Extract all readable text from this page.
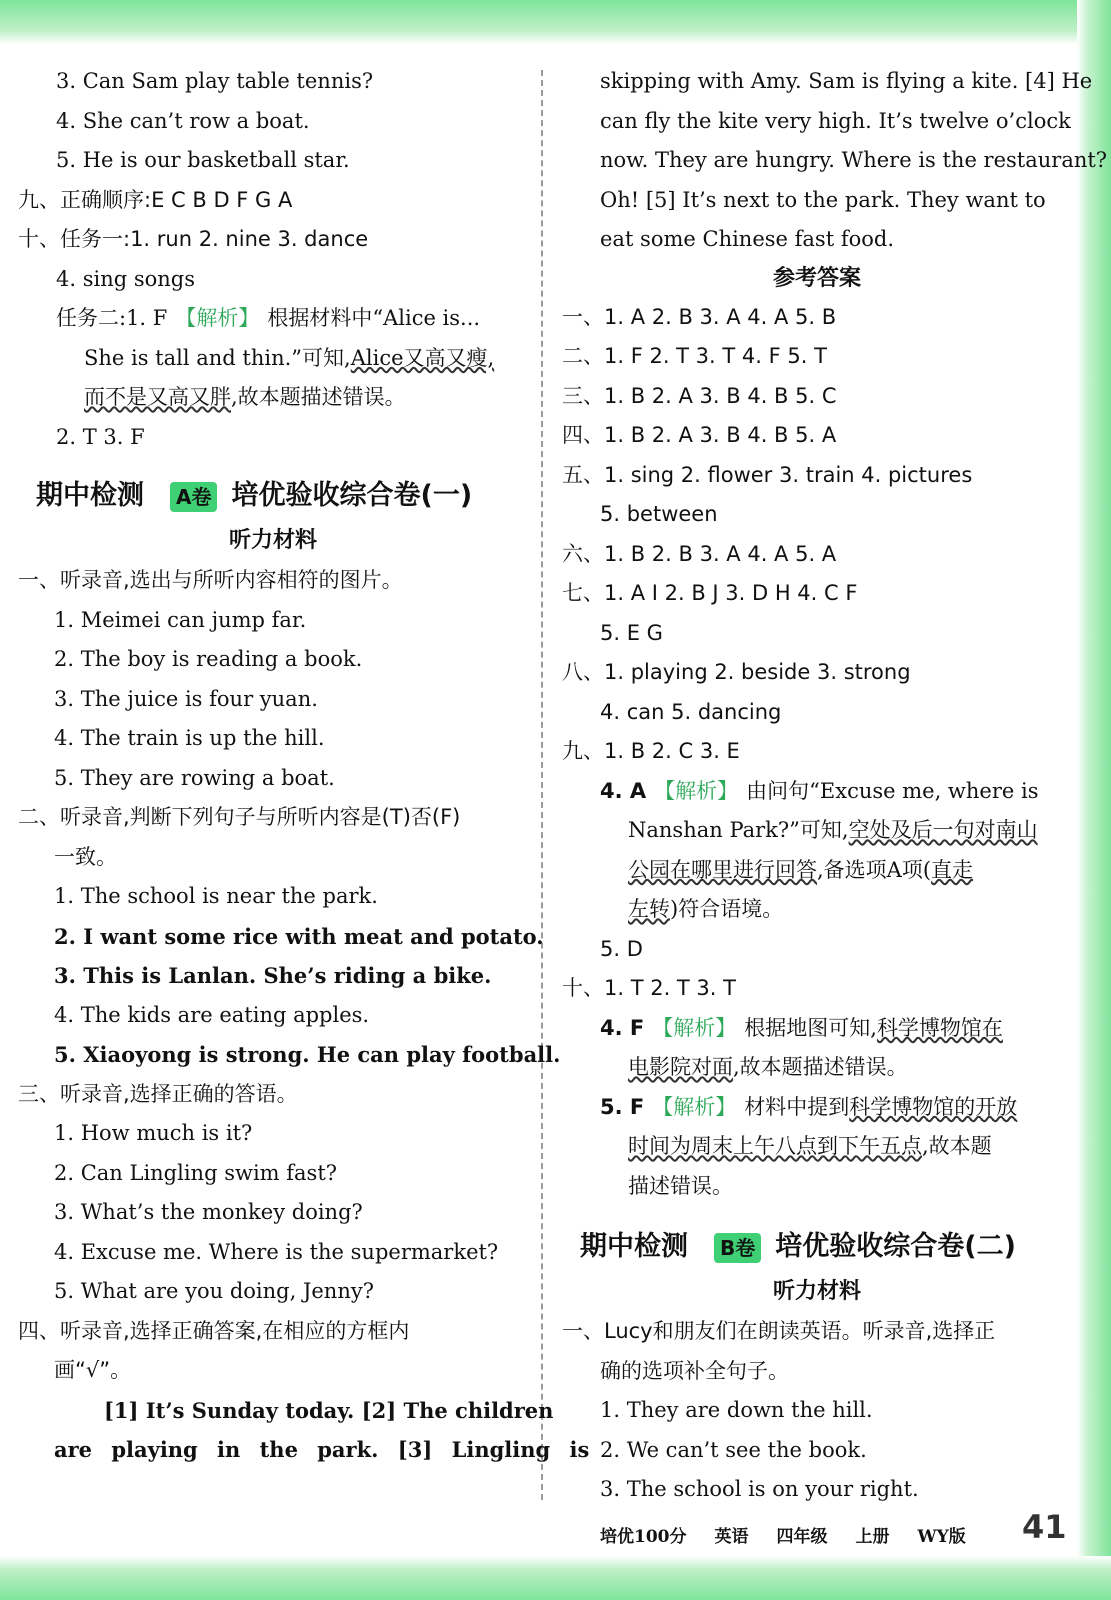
3. Can Sam play table tennis?
4. She can’t row a boat.
5. He is our basketball star.
九、正确顺序:E C B D F G A
十、任务一:1. run 2. nine 3. dance
4. sing songs
任务二:1. F 【解析】 根据材料中“Alice is...
She is tall and thin.”可知,Alice又高又瘦,
而不是又高又胖,故本题描述错误。
2. T 3. F
期中检测 A卷 培优验收综合卷(一)
听力材料
一、听录音,选出与所听内容相符的图片。
1. Meimei can jump far.
2. The boy is reading a book.
3. The juice is four yuan.
4. The train is up the hill.
5. They are rowing a boat.
二、听录音,判断下列句子与所听内容是(T)否(F)
一致。
1. The school is near the park.
2. I want some rice with meat and potato.
3. This is Lanlan. She’s riding a bike.
4. The kids are eating apples.
5. Xiaoyong is strong. He can play football.
三、听录音,选择正确的答语。
1. How much is it?
2. Can Lingling swim fast?
3. What’s the monkey doing?
4. Excuse me. Where is the supermarket?
5. What are you doing, Jenny?
四、听录音,选择正确答案,在相应的方框内
画“√”。
[1] It’s Sunday today. [2] The children
are playing in the park. [3] Lingling is
skipping with Amy. Sam is flying a kite. [4] He
can fly the kite very high. It’s twelve o’clock
now. They are hungry. Where is the restaurant?
Oh! [5] It’s next to the park. They want to
eat some Chinese fast food.
参考答案
一、1. A 2. B 3. A 4. A 5. B
二、1. F 2. T 3. T 4. F 5. T
三、1. B 2. A 3. B 4. B 5. C
四、1. B 2. A 3. B 4. B 5. A
五、1. sing 2. flower 3. train 4. pictures
5. between
六、1. B 2. B 3. A 4. A 5. A
七、1. A I 2. B J 3. D H 4. C F
5. E G
八、1. playing 2. beside 3. strong
4. can 5. dancing
九、1. B 2. C 3. E
4. A 【解析】 由问句“Excuse me, where is
Nanshan Park?”可知,空处及后一句对南山
公园在哪里进行回答,备选项A项(直走
左转)符合语境。
5. D
十、1. T 2. T 3. T
4. F 【解析】 根据地图可知,科学博物馆在
电影院对面,故本题描述错误。
5. F 【解析】 材料中提到科学博物馆的开放
时间为周末上午八点到下午五点,故本题
描述错误。
期中检测 B卷 培优验收综合卷(二)
听力材料
一、Lucy和朋友们在朗读英语。听录音,选择正
确的选项补全句子。
1. They are down the hill.
2. We can’t see the book.
3. The school is on your right.
培优100分 英语 四年级 上册 WY版	41
